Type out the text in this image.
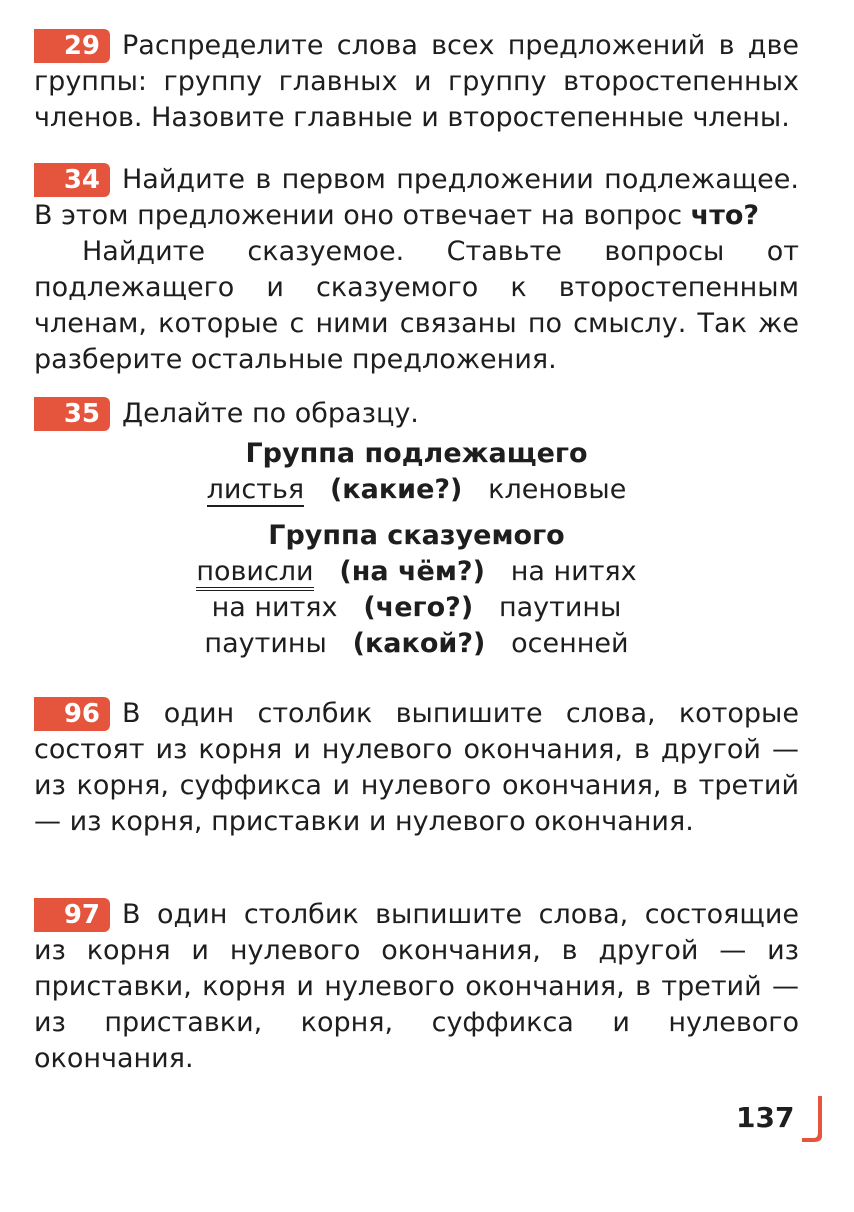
29 Распределите слова всех предложений в две группы: группу главных и группу второстепенных членов. Назовите главные и второстепенные члены.

34 Найдите в первом предложении подлежащее. В этом предложении оно отвечает на вопрос что?

Найдите сказуемое. Ставьте вопросы от подлежащего и сказуемого к второстепенным членам, которые с ними связаны по смыслу. Так же разберите остальные предложения.

35 Делайте по образцу.

Группа подлежащего
листья (какие?) кленовые
Группа сказуемого
повисли (на чём?) на нитях
на нитях (чего?) паутины
паутины (какой?) осенней

96 В один столбик выпишите слова, которые состоят из корня и нулевого окончания, в другой — из корня, суффикса и нулевого окончания, в третий — из корня, приставки и нулевого окончания.

97 В один столбик выпишите слова, состоящие из корня и нулевого окончания, в другой — из приставки, корня и нулевого окончания, в третий — из приставки, корня, суффикса и нулевого окончания.

137
